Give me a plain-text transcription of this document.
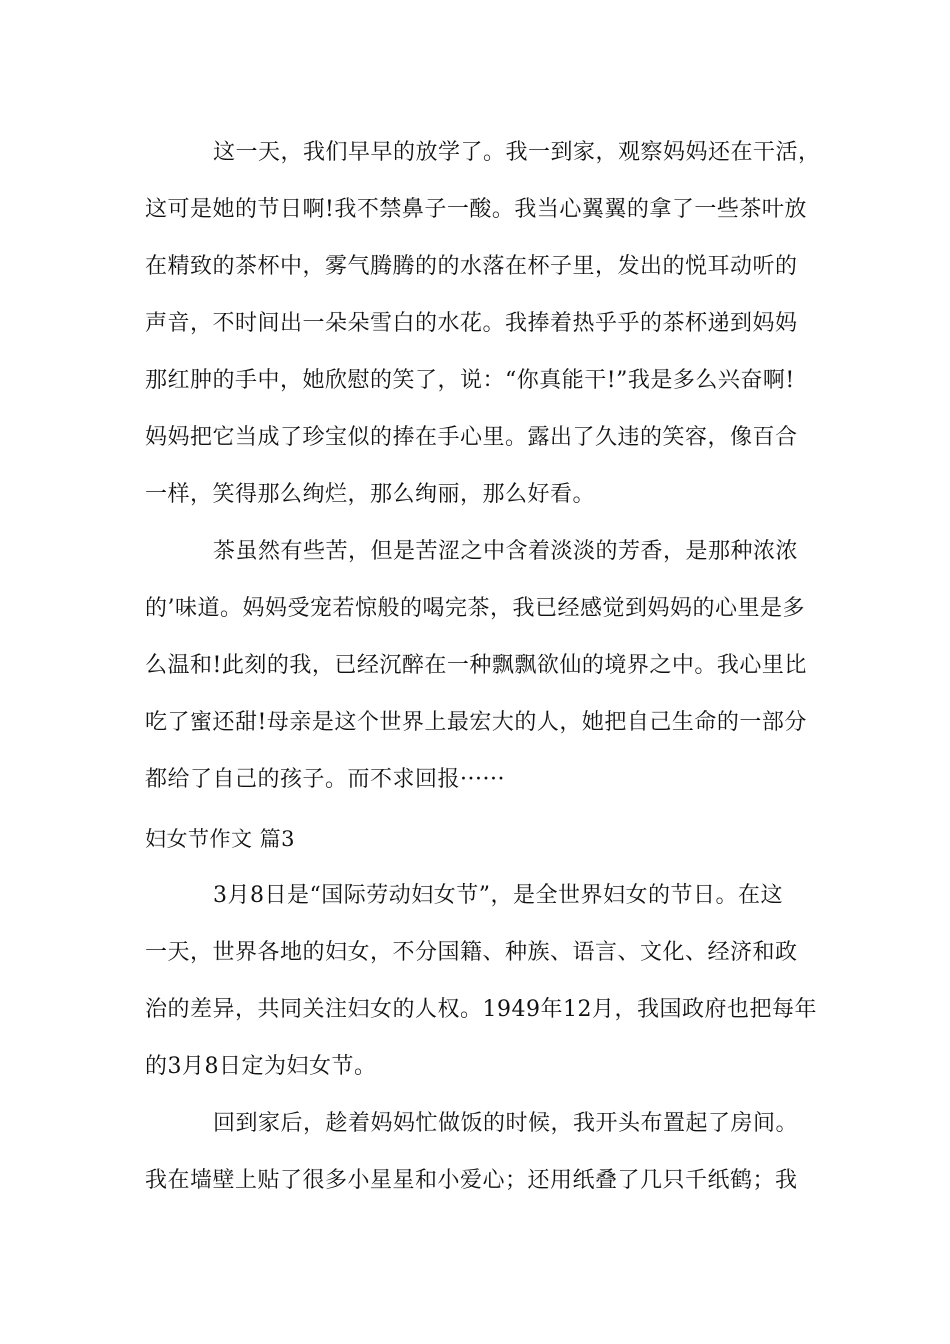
这一天，我们早早的放学了。我一到家，观察妈妈还在干活，
这可是她的节日啊!我不禁鼻子一酸。我当心翼翼的拿了一些茶叶放
在精致的茶杯中，雾气腾腾的的水落在杯子里，发出的悦耳动听的
声音，不时间出一朵朵雪白的水花。我捧着热乎乎的茶杯递到妈妈
那红肿的手中，她欣慰的笑了，说：“你真能干!”我是多么兴奋啊!
妈妈把它当成了珍宝似的捧在手心里。露出了久违的笑容，像百合
一样，笑得那么绚烂，那么绚丽，那么好看。
茶虽然有些苦，但是苦涩之中含着淡淡的芳香，是那种浓浓
的’味道。妈妈受宠若惊般的喝完茶，我已经感觉到妈妈的心里是多
么温和!此刻的我，已经沉醉在一种飘飘欲仙的境界之中。我心里比
吃了蜜还甜!母亲是这个世界上最宏大的人，她把自己生命的一部分
都给了自己的孩子。而不求回报······
妇女节作文 篇3
3月8日是“国际劳动妇女节”，是全世界妇女的节日。在这
一天，世界各地的妇女，不分国籍、种族、语言、文化、经济和政
治的差异，共同关注妇女的人权。1949年12月，我国政府也把每年
的3月8日定为妇女节。
回到家后，趁着妈妈忙做饭的时候，我开头布置起了房间。
我在墙壁上贴了很多小星星和小爱心；还用纸叠了几只千纸鹤；我
